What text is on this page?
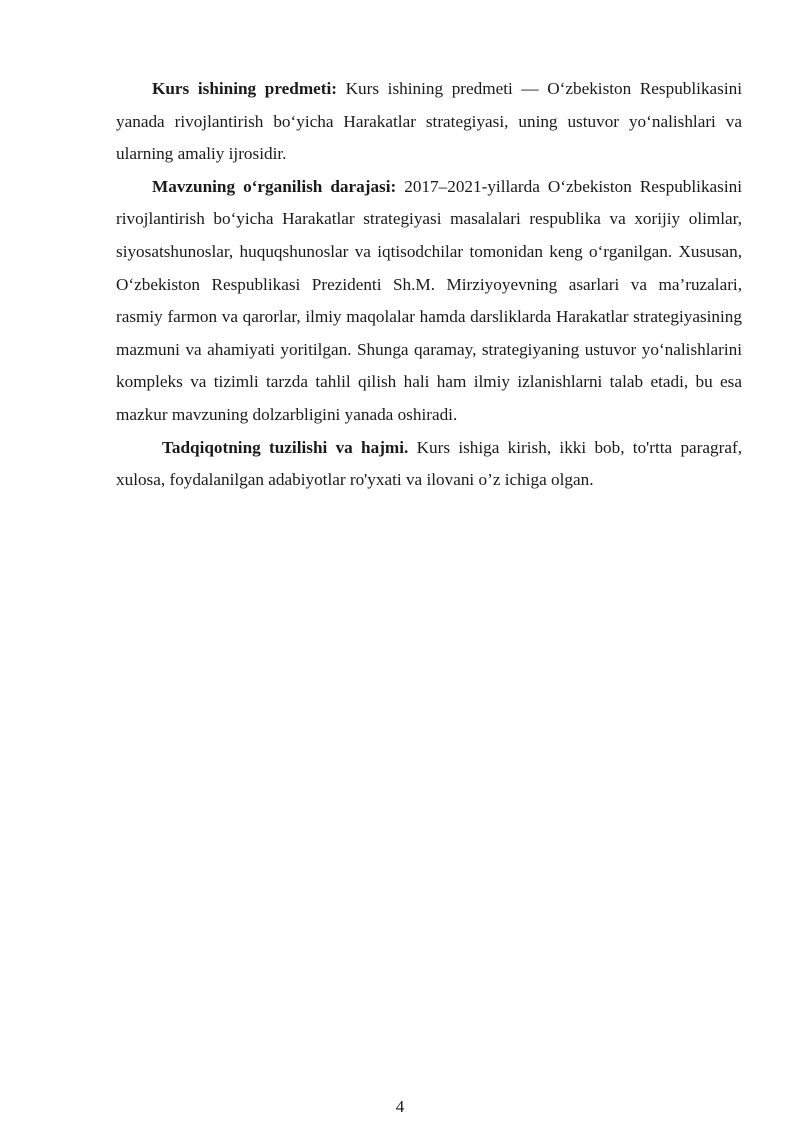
Kurs ishining predmeti: Kurs ishining predmeti — O‘zbekiston Respublikasini yanada rivojlantirish bo‘yicha Harakatlar strategiyasi, uning ustuvor yo‘nalishlari va ularning amaliy ijrosidir.

Mavzuning o‘rganilish darajasi: 2017–2021-yillarda O‘zbekiston Respublikasini rivojlantirish bo‘yicha Harakatlar strategiyasi masalalari respublika va xorijiy olimlar, siyosatshunoslar, huquqshunoslar va iqtisodchilar tomonidan keng o‘rganilgan. Xususan, O‘zbekiston Respublikasi Prezidenti Sh.M. Mirziyoyevning asarlari va ma’ruzalari, rasmiy farmon va qarorlar, ilmiy maqolalar hamda darsliklarda Harakatlar strategiyasining mazmuni va ahamiyati yoritilgan. Shunga qaramay, strategiyaning ustuvor yo‘nalishlarini kompleks va tizimli tarzda tahlil qilish hali ham ilmiy izlanishlarni talab etadi, bu esa mazkur mavzuning dolzarbligini yanada oshiradi.

Tadqiqotning tuzilishi va hajmi. Kurs ishiga kirish, ikki bob, to'rtta paragraf, xulosa, foydalanilgan adabiyotlar ro'yxati va ilovani o’z ichiga olgan.

4
